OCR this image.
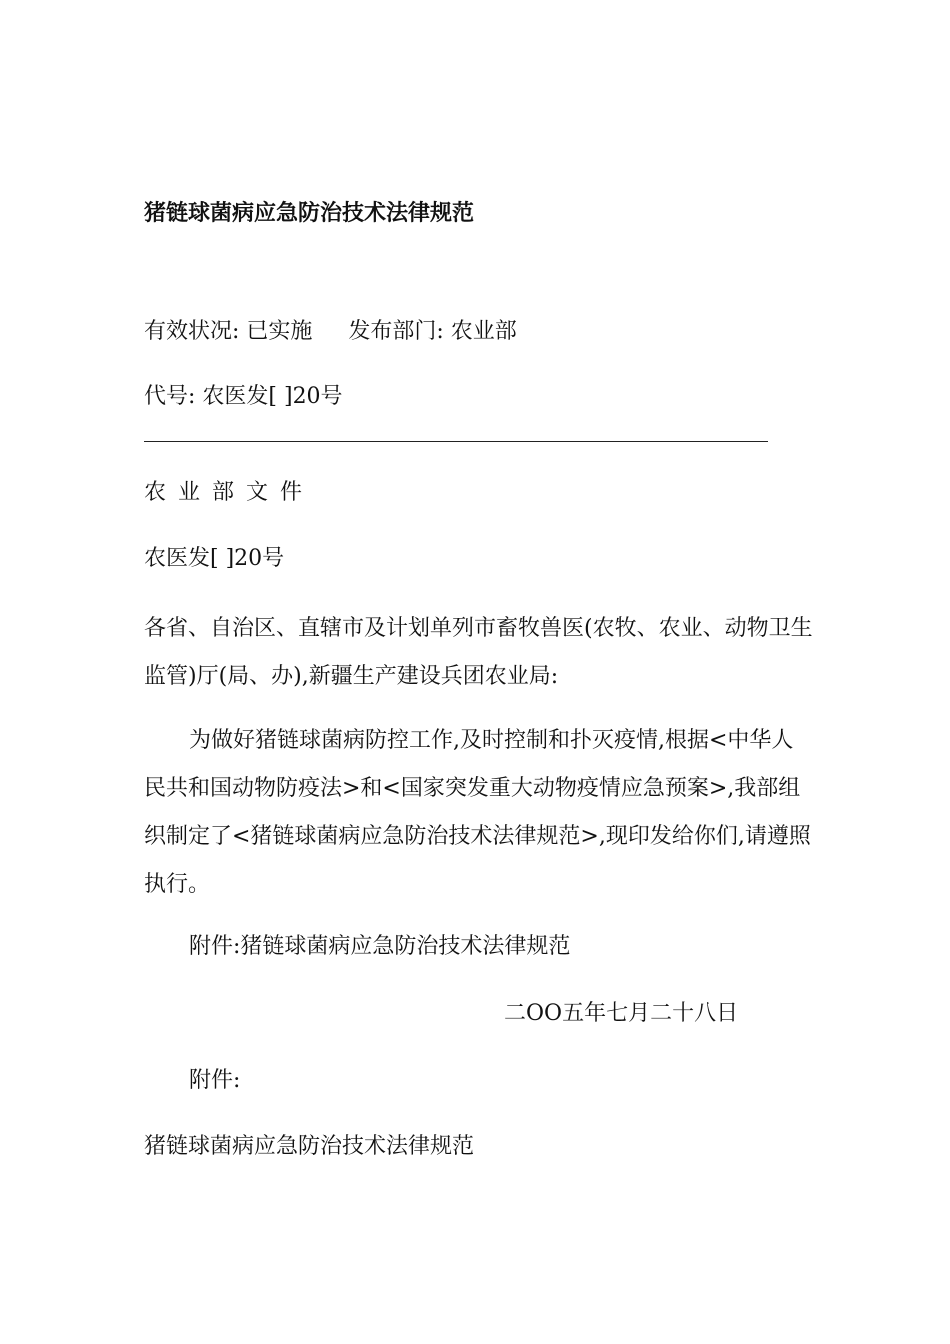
猪链球菌病应急防治技术法律规范
有效状况: 已实施 发布部门: 农业部
代号: 农医发[ ]20号
农业部文件
农医发[ ]20号
各省、自治区、直辖市及计划单列市畜牧兽医(农牧、农业、动物卫生监管)厅(局、办),新疆生产建设兵团农业局:
为做好猪链球菌病防控工作,及时控制和扑灭疫情,根据<中华人民共和国动物防疫法>和<国家突发重大动物疫情应急预案>,我部组织制定了<猪链球菌病应急防治技术法律规范>,现印发给你们,请遵照执行。
附件:猪链球菌病应急防治技术法律规范
二OO五年七月二十八日
附件:
猪链球菌病应急防治技术法律规范
